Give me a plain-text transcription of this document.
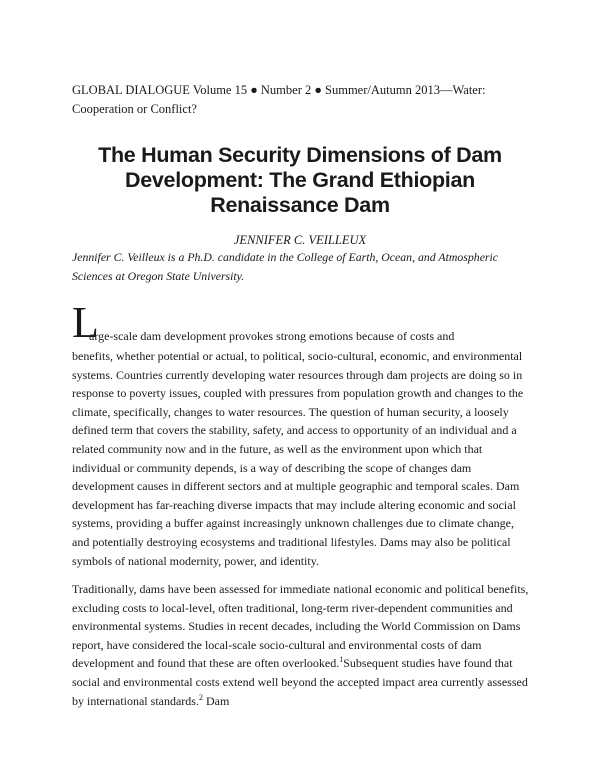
GLOBAL DIALOGUE Volume 15 ● Number 2 ● Summer/Autumn 2013—Water: Cooperation or Conflict?
The Human Security Dimensions of Dam Development: The Grand Ethiopian Renaissance Dam
JENNIFER C. VEILLEUX
Jennifer C. Veilleux is a Ph.D. candidate in the College of Earth, Ocean, and Atmospheric Sciences at Oregon State University.
L
arge-scale dam development provokes strong emotions because of costs and
benefits, whether potential or actual, to political, socio-cultural, economic, and environmental systems. Countries currently developing water resources through dam projects are doing so in response to poverty issues, coupled with pressures from population growth and changes to the climate, specifically, changes to water resources. The question of human security, a loosely defined term that covers the stability, safety, and access to opportunity of an individual and a related community now and in the future, as well as the environment upon which that individual or community depends, is a way of describing the scope of changes dam development causes in different sectors and at multiple geographic and temporal scales. Dam development has far-reaching diverse impacts that may include altering economic and social systems, providing a buffer against increasingly unknown challenges due to climate change, and potentially destroying ecosystems and traditional lifestyles. Dams may also be political symbols of national modernity, power, and identity.
Traditionally, dams have been assessed for immediate national economic and political benefits, excluding costs to local-level, often traditional, long-term river-dependent communities and environmental systems. Studies in recent decades, including the World Commission on Dams report, have considered the local-scale socio-cultural and environmental costs of dam development and found that these are often overlooked.$^1$Subsequent studies have found that social and environmental costs extend well beyond the accepted impact area currently assessed by international standards.$^2$ Dam
